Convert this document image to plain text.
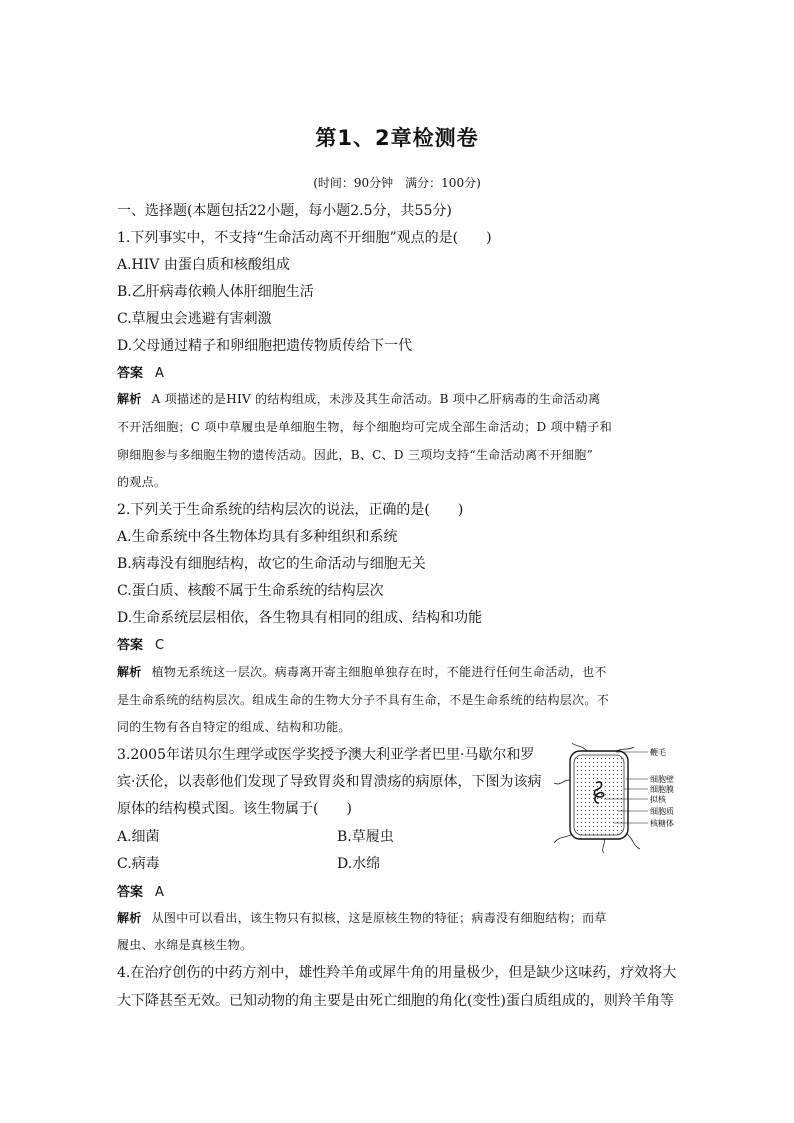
第1、2章检测卷
(时间：90分钟　满分：100分)
一、选择题(本题包括22小题，每小题2.5分，共55分)
1.下列事实中，不支持“生命活动离不开细胞”观点的是(　　)
A.HIV 由蛋白质和核酸组成
B.乙肝病毒依赖人体肝细胞生活
C.草履虫会逃避有害刺激
D.父母通过精子和卵细胞把遗传物质传给下一代
答案 A
解析 A 项描述的是HIV 的结构组成，未涉及其生命活动。B 项中乙肝病毒的生命活动离
不开活细胞；C 项中草履虫是单细胞生物，每个细胞均可完成全部生命活动；D 项中精子和
卵细胞参与多细胞生物的遗传活动。因此，B、C、D 三项均支持“生命活动离不开细胞”
的观点。
2.下列关于生命系统的结构层次的说法，正确的是(　　)
A.生命系统中各生物体均具有多种组织和系统
B.病毒没有细胞结构，故它的生命活动与细胞无关
C.蛋白质、核酸不属于生命系统的结构层次
D.生命系统层层相依，各生物具有相同的组成、结构和功能
答案 C
解析 植物无系统这一层次。病毒离开寄主细胞单独存在时，不能进行任何生命活动，也不
是生命系统的结构层次。组成生命的生物大分子不具有生命，不是生命系统的结构层次。不
同的生物有各自特定的组成、结构和功能。
3.2005年诺贝尔生理学或医学奖授予澳大利亚学者巴里·马歇尔和罗
宾·沃伦，以表彰他们发现了导致胃炎和胃溃疡的病原体，下图为该病
原体的结构模式图。该生物属于(　　)
A.细菌	B.草履虫
C.病毒	D.水绵
鞭毛
细胞壁
细胞膜
拟核
细胞质
核糖体
答案 A
解析 从图中可以看出，该生物只有拟核，这是原核生物的特征；病毒没有细胞结构；而草
履虫、水绵是真核生物。
4.在治疗创伤的中药方剂中，雄性羚羊角或犀牛角的用量极少，但是缺少这味药，疗效将大
大下降甚至无效。已知动物的角主要是由死亡细胞的角化(变性)蛋白质组成的，则羚羊角等
